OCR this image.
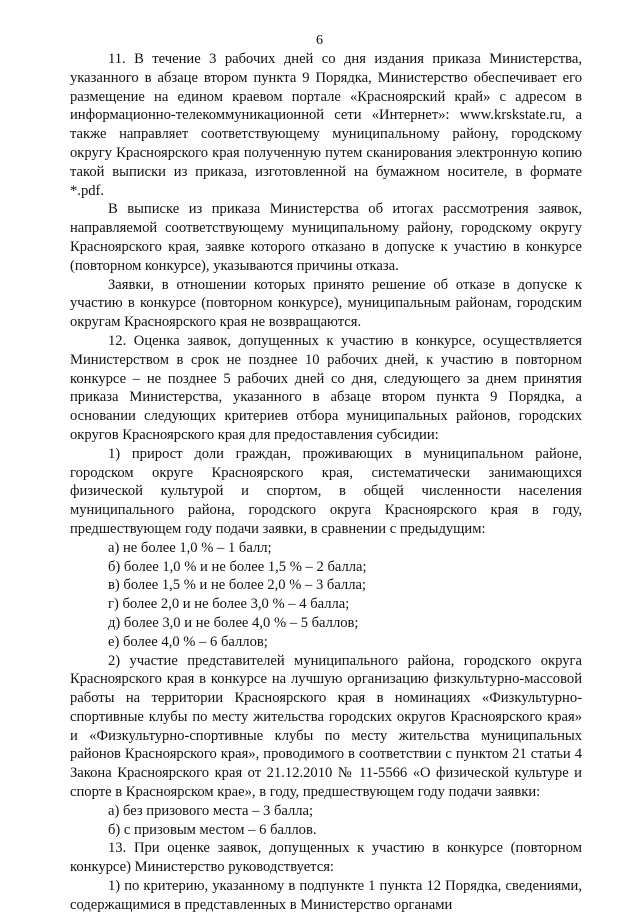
6

11. В течение 3 рабочих дней со дня издания приказа Министерства, указанного в абзаце втором пункта 9 Порядка, Министерство обеспечивает его размещение на едином краевом портале «Красноярский край» с адресом в информационно-телекоммуникационной сети «Интернет»: www.krskstate.ru, а также направляет соответствующему муниципальному району, городскому округу Красноярского края полученную путем сканирования электронную копию такой выписки из приказа, изготовленной на бумажном носителе, в формате *.pdf.

В выписке из приказа Министерства об итогах рассмотрения заявок, направляемой соответствующему муниципальному району, городскому округу Красноярского края, заявке которого отказано в допуске к участию в конкурсе (повторном конкурсе), указываются причины отказа.

Заявки, в отношении которых принято решение об отказе в допуске к участию в конкурсе (повторном конкурсе), муниципальным районам, городским округам Красноярского края не возвращаются.

12. Оценка заявок, допущенных к участию в конкурсе, осуществляется Министерством в срок не позднее 10 рабочих дней, к участию в повторном конкурсе – не позднее 5 рабочих дней со дня, следующего за днем принятия приказа Министерства, указанного в абзаце втором пункта 9 Порядка, а основании следующих критериев отбора муниципальных районов, городских округов Красноярского края для предоставления субсидии:

1) прирост доли граждан, проживающих в муниципальном районе, городском округе Красноярского края, систематически занимающихся физической культурой и спортом, в общей численности населения муниципального района, городского округа Красноярского края в году, предшествующем году подачи заявки, в сравнении с предыдущим:

а) не более 1,0 % – 1 балл;

б) более 1,0 % и не более 1,5 % – 2 балла;

в) более 1,5 % и не более 2,0 % – 3 балла;

г) более 2,0 и не более 3,0 % – 4 балла;

д) более 3,0 и не более 4,0 % – 5 баллов;

е) более 4,0 % – 6 баллов;

2) участие представителей муниципального района, городского округа Красноярского края в конкурсе на лучшую организацию физкультурно-массовой работы на территории Красноярского края в номинациях «Физкультурно-спортивные клубы по месту жительства городских округов Красноярского края» и «Физкультурно-спортивные клубы по месту жительства муниципальных районов Красноярского края», проводимого в соответствии с пунктом 21 статьи 4 Закона Красноярского края от 21.12.2010 № 11-5566 «О физической культуре и спорте в Красноярском крае», в году, предшествующем году подачи заявки:

а) без призового места – 3 балла;

б) с призовым местом – 6 баллов.

13. При оценке заявок, допущенных к участию в конкурсе (повторном конкурсе) Министерство руководствуется:

1) по критерию, указанному в подпункте 1 пункта 12 Порядка, сведениями, содержащимися в представленных в Министерство органами
